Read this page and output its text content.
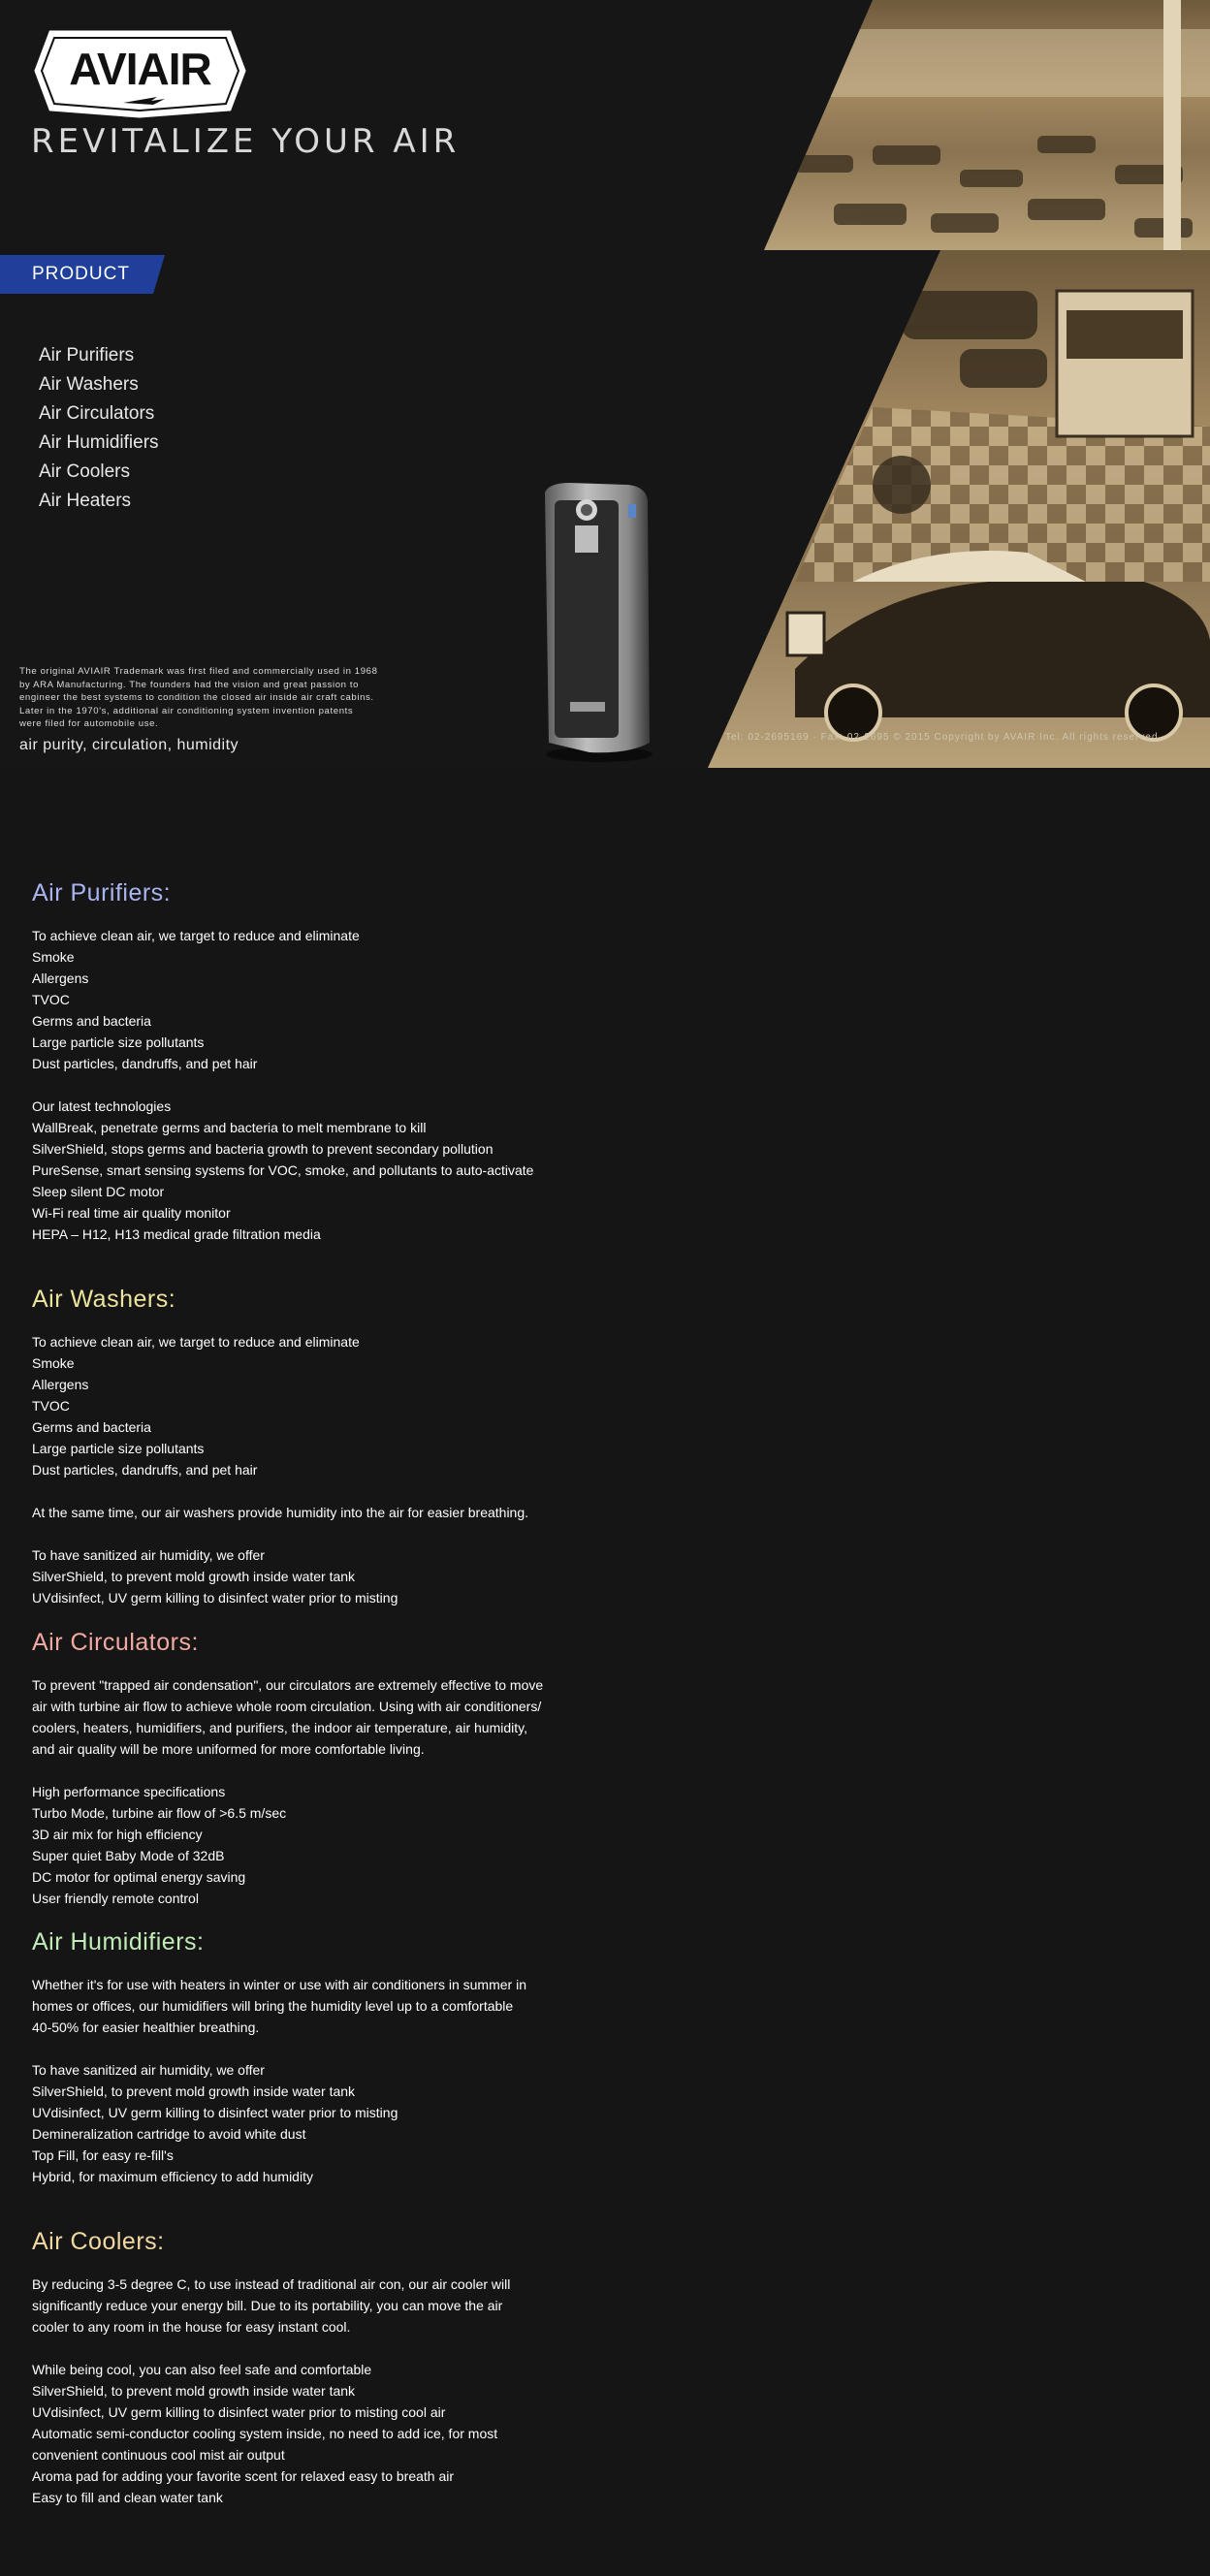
AVIAIR
REVITALIZE YOUR AIR
PRODUCT
Air Purifiers
Air Washers
Air Circulators
Air Humidifiers
Air Coolers
Air Heaters

The original AVIAIR Trademark was first filed and commercially used in 1968 by ARA Manufacturing. The founders had the vision and great passion to engineer the best systems to condition the closed air inside air craft cabins. Later in the 1970's, additional air conditioning system invention patents were filed for automobile use.

air purity, circulation, humidity	Tel: 02-2695169 · Fax: 02-2695 © 2015 Copyright by AVAIR Inc. All rights reserved
Air Purifiers:
To achieve clean air, we target to reduce and eliminate
Smoke
Allergens
TVOC
Germs and bacteria
Large particle size pollutants
Dust particles, dandruffs, and pet hair
Our latest technologies
WallBreak, penetrate germs and bacteria to melt membrane to kill
SilverShield, stops germs and bacteria growth to prevent secondary pollution
PureSense, smart sensing systems for VOC, smoke, and pollutants to auto-activate
Sleep silent DC motor
Wi-Fi real time air quality monitor
HEPA – H12, H13 medical grade filtration media
Air Washers:
To achieve clean air, we target to reduce and eliminate
Smoke
Allergens
TVOC
Germs and bacteria
Large particle size pollutants
Dust particles, dandruffs, and pet hair
At the same time, our air washers provide humidity into the air for easier breathing.
To have sanitized air humidity, we offer
SilverShield, to prevent mold growth inside water tank
UVdisinfect, UV germ killing to disinfect water prior to misting
Air Circulators:
To prevent "trapped air condensation", our circulators are extremely effective to move
air with turbine air flow to achieve whole room circulation. Using with air conditioners/
coolers, heaters, humidifiers, and purifiers, the indoor air temperature, air humidity,
and air quality will be more uniformed for more comfortable living.
High performance specifications
Turbo Mode, turbine air flow of >6.5 m/sec
3D air mix for high efficiency
Super quiet Baby Mode of 32dB
DC motor for optimal energy saving
User friendly remote control
Air Humidifiers:
Whether it's for use with heaters in winter or use with air conditioners in summer in
homes or offices, our humidifiers will bring the humidity level up to a comfortable
40-50% for easier healthier breathing.
To have sanitized air humidity, we offer
SilverShield, to prevent mold growth inside water tank
UVdisinfect, UV germ killing to disinfect water prior to misting
Demineralization cartridge to avoid white dust
Top Fill, for easy re-fill's
Hybrid, for maximum efficiency to add humidity
Air Coolers:
By reducing 3-5 degree C, to use instead of traditional air con, our air cooler will
significantly reduce your energy bill. Due to its portability, you can move the air
cooler to any room in the house for easy instant cool.
While being cool, you can also feel safe and comfortable
SilverShield, to prevent mold growth inside water tank
UVdisinfect, UV germ killing to disinfect water prior to misting cool air
Automatic semi-conductor cooling system inside, no need to add ice, for most
convenient continuous cool mist air output
Aroma pad for adding your favorite scent for relaxed easy to breath air
Easy to fill and clean water tank
